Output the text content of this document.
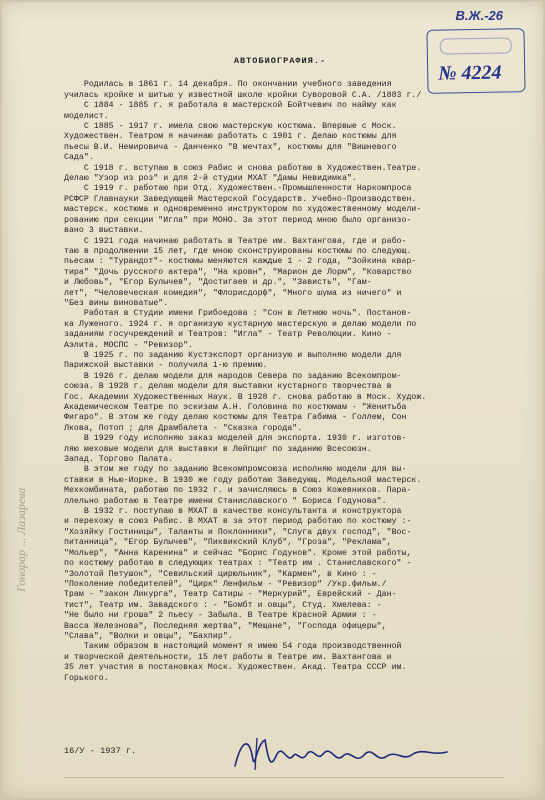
В.Ж.-26
№ 4224
Гонорар ... Лазарева
АВТОБИОГРАФИЯ.-
Родилась в 1861 г. 14 декабря. По окончании учебного заведения
училась кройке и шитью у известной школе кройки Суворовой С.А. /1883 г./
С 1884 - 1885 г. я работала в мастерской Бойтчевич по найму как
моделист.
С 1885 - 1917 г. имела свою мастерскую костюма. Впервые с Моск.
Художествен. Театром я начинаю работать с 1901 г. Делаю костюмы для
пьесы В.И. Немировича - Данченко "В мечтах", костюмы для "Вишневого
Сада".
С 1918 г. вступаю в союз Рабис и снова работаю в Художествен.Театре.
Делаю "Узор из роз" и для 2-й студии МХАТ "Дамы Невидимка".
С 1919 г. работаю при Отд. Художествен.-Промышленности Наркомпроса
РСФСР Главнауки Заведующей Мастерской Государств. Учебно-Производствен.
мастерск. костюма и одновременно инструктором по художественному модели-
рованию при секции "Игла" при МОНО. За этот период мною было организо-
вано 3 выставки.
С 1921 года начинаю работать в Театре им. Вахтангова, где и рабо-
таю в продолжении 15 лет, где мною сконструированы костюмы по следующ.
пьесам : "Турандот"- костюмы меняются каждые 1 - 2 года, "Зойкина квар-
тира" "Дочь русского актера", "На кровн", "Марион де Лорм", "Коварство
и Любовь", "Егор Булычев", "Достигаев и др.", "Зависть", "Гам-
лет", "Человеческая комедия", "Флорисдорф", "Много шума из ничего" и
"Без вины виноватые".
Работая в Студии имени Грибоедова : "Сон в Летнюю ночь". Постанов-
ка Луженого. 1924 г. я организую кустарную мастерскую и делаю модели по
заданиям госучреждений и Театров: "Игла" - Театр Революции. Кино -
Аэлита. МОСПС - "Ревизор".
В 1925 г. по заданию Кустэкспорт организую и выполняю модели для
Парижской выставки - получила 1-ю премию.
В 1926 г. делаю модели для народов Севера по заданию Всекомпром-
союза. В 1928 г. делаю модели для выставки кустарного творчества в
Гос. Академии Художественных Наук. В 1928 г. снова работаю в Моск. Худож.
Академическом Театре по эскизам А.Н. Головина по костюмам - "Женитьба
Фигаро". В этом же году делаю костюмы для Театра Габима - Голлем, Сон
Лкова, Потоп ; для Драмбалета - "Сказка города".
В 1929 году исполняю заказ моделей для экспорта. 1930 г. изготов-
ляю меховые модели для выставки в Лейпциг по заданию Всесоюзн.
Запад. Торгово Палата.
В этом же году по заданию Всекомпромсоюза исполняю модели для вы-
ставки в Нью-Иорке. В 1930 же году работаю Заведующ. Модельной мастерск.
Мехкомбината, работаю по 1932 г. и зачисляюсь в Союз Кожевников. Пара-
ллельно работаю в Театре имени Станиславского " Бориса Годунова".
В 1932 г. поступаю в МХАТ в качестве консультанта и конструктора
и перехожу в союз Рабис. В МХАТ в за этот период работаю по костюму :-
"Хозяйку Гостиницы", Таланты и Поклонники", "Слуга двух господ", "Вос-
питанница", "Егор Булычев", "Пиквикский Клуб", "Гроза", "Реклама",
"Мольер", "Анна Каренина" и сейчас "Борис Годунов". Кроме этой работы,
по костюму работаю в следующих театрах : "Театр им . Станиславского" -
"Золотой Петушок", "Севильский цирюльник", "Кармен", в Кино : -
"Поколение победителей", "Цирк" Ленфильм - "Ревизор" /Укр.фильм./
Трам - "закон Ликурга", Театр Сатиры - "Меркурий", Еврейский - Дан-
тист", Театр им. Завадского : - "Бомбт и овцы", Студ. Хмелева: -
"Не было ни гроша" 2 пьесу - Забыла. В Театре Красной Армии : -
Васса Железнова", Последняя жертва", "Мещане", "Господа офицеры",
"Слава", "Волки и овцы", "Бахпир".
Таким образом в настоящий момент я имею 54 года производственной
и творческой деятельности, 15 лет работы в Театре им. Вахтангова и
35 лет участия в постановках Моск. Художествен. Акад. Театра СССР им.
Горького.
16/У - 1937 г.
